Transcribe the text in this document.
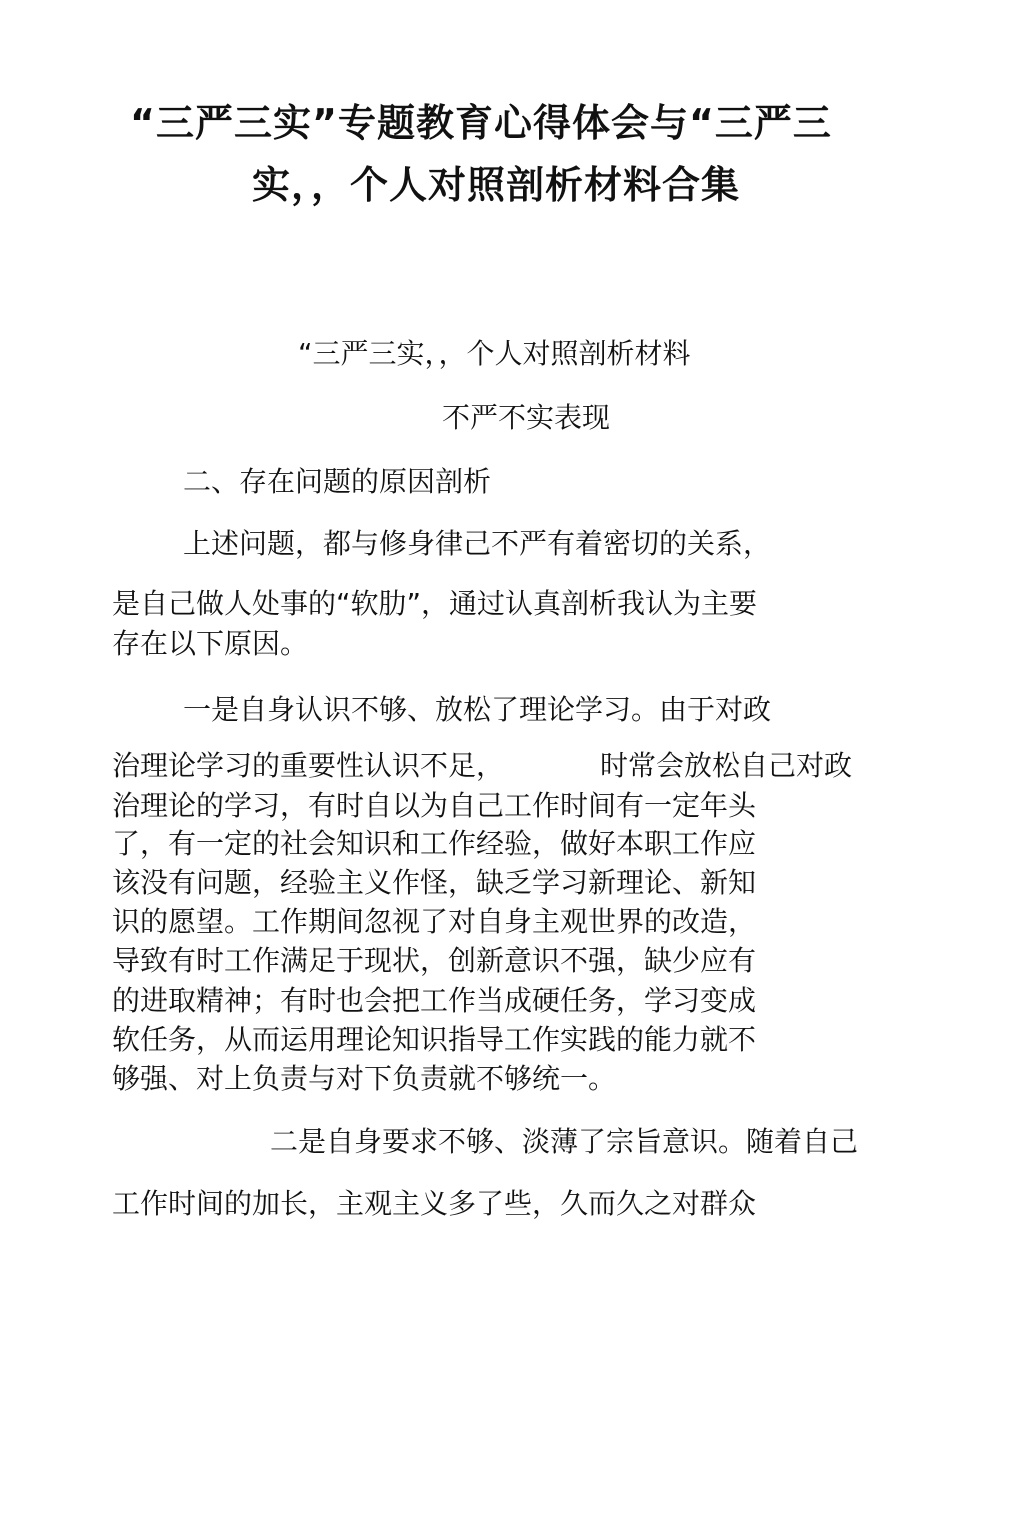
“三严三实”专题教育心得体会与“三严三
实，，个人对照剖析材料合集
“三严三实，，个人对照剖析材料
不严不实表现
二、存在问题的原因剖析

上述问题，都与修身律己不严有着密切的关系，

是自己做人处事的“软肋”，通过认真剖析我认为主要

存在以下原因。

一是自身认识不够、放松了理论学习。由于对政

治理论学习的重要性认识不足，	时常会放松自己对政

治理论的学习，有时自以为自己工作时间有一定年头

了，有一定的社会知识和工作经验，做好本职工作应

该没有问题，经验主义作怪，缺乏学习新理论、新知

识的愿望。工作期间忽视了对自身主观世界的改造，

导致有时工作满足于现状，创新意识不强，缺少应有

的进取精神；有时也会把工作当成硬任务，学习变成

软任务，从而运用理论知识指导工作实践的能力就不

够强、对上负责与对下负责就不够统一。

二是自身要求不够、淡薄了宗旨意识。随着自己

工作时间的加长，主观主义多了些，久而久之对群众
